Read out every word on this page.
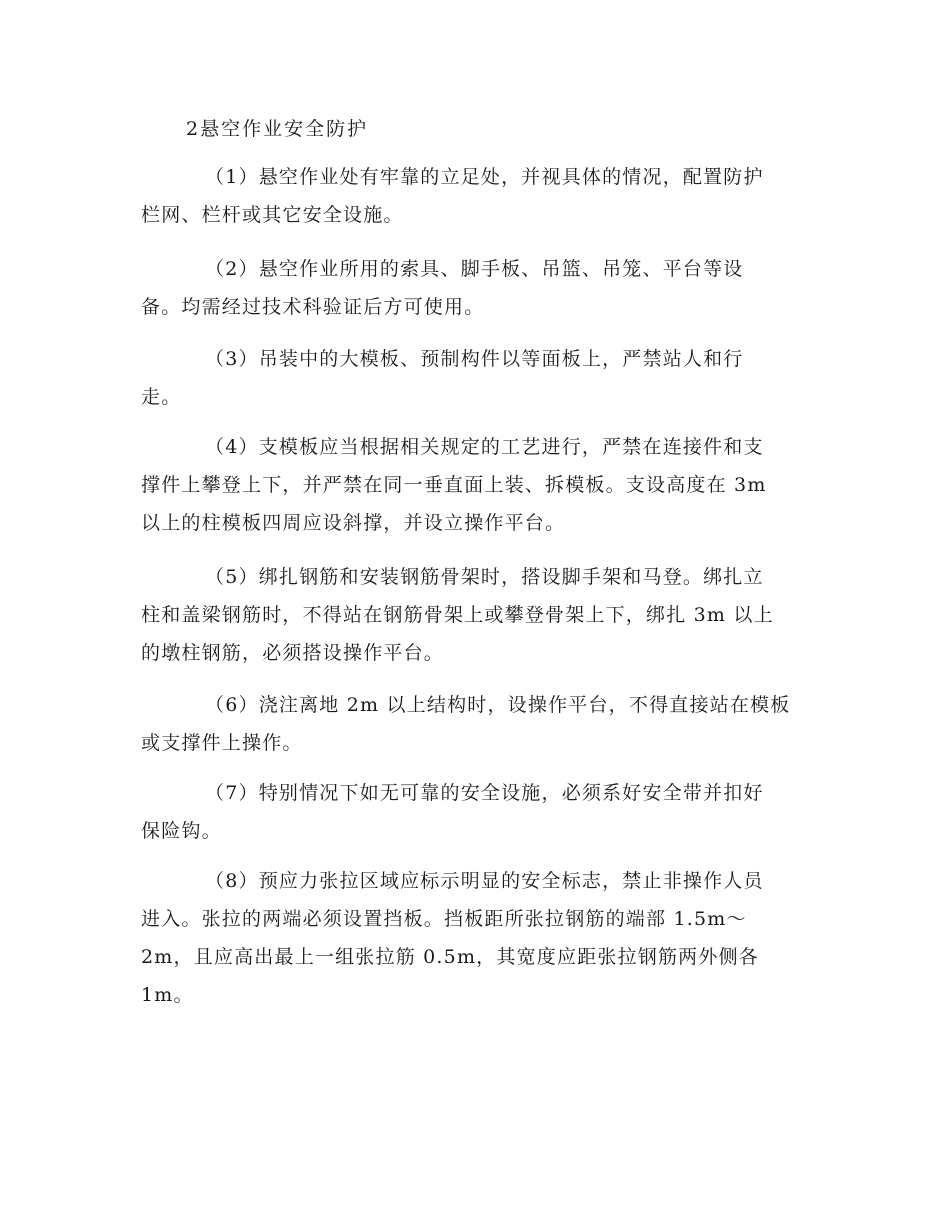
2悬空作业安全防护

（1）悬空作业处有牢靠的立足处，并视具体的情况，配置防护
栏网、栏杆或其它安全设施。

（2）悬空作业所用的索具、脚手板、吊篮、吊笼、平台等设
备。均需经过技术科验证后方可使用。

（3）吊装中的大模板、预制构件以等面板上，严禁站人和行
走。

（4）支模板应当根据相关规定的工艺进行，严禁在连接件和支
撑件上攀登上下，并严禁在同一垂直面上装、拆模板。支设高度在 3m
以上的柱模板四周应设斜撑，并设立操作平台。

（5）绑扎钢筋和安装钢筋骨架时，搭设脚手架和马登。绑扎立
柱和盖梁钢筋时，不得站在钢筋骨架上或攀登骨架上下，绑扎 3m 以上
的墩柱钢筋，必须搭设操作平台。

（6）浇注离地 2m 以上结构时，设操作平台，不得直接站在模板
或支撑件上操作。

（7）特别情况下如无可靠的安全设施，必须系好安全带并扣好
保险钩。

（8）预应力张拉区域应标示明显的安全标志，禁止非操作人员
进入。张拉的两端必须设置挡板。挡板距所张拉钢筋的端部 1.5m～
2m，且应高出最上一组张拉筋 0.5m，其宽度应距张拉钢筋两外侧各
1m。
